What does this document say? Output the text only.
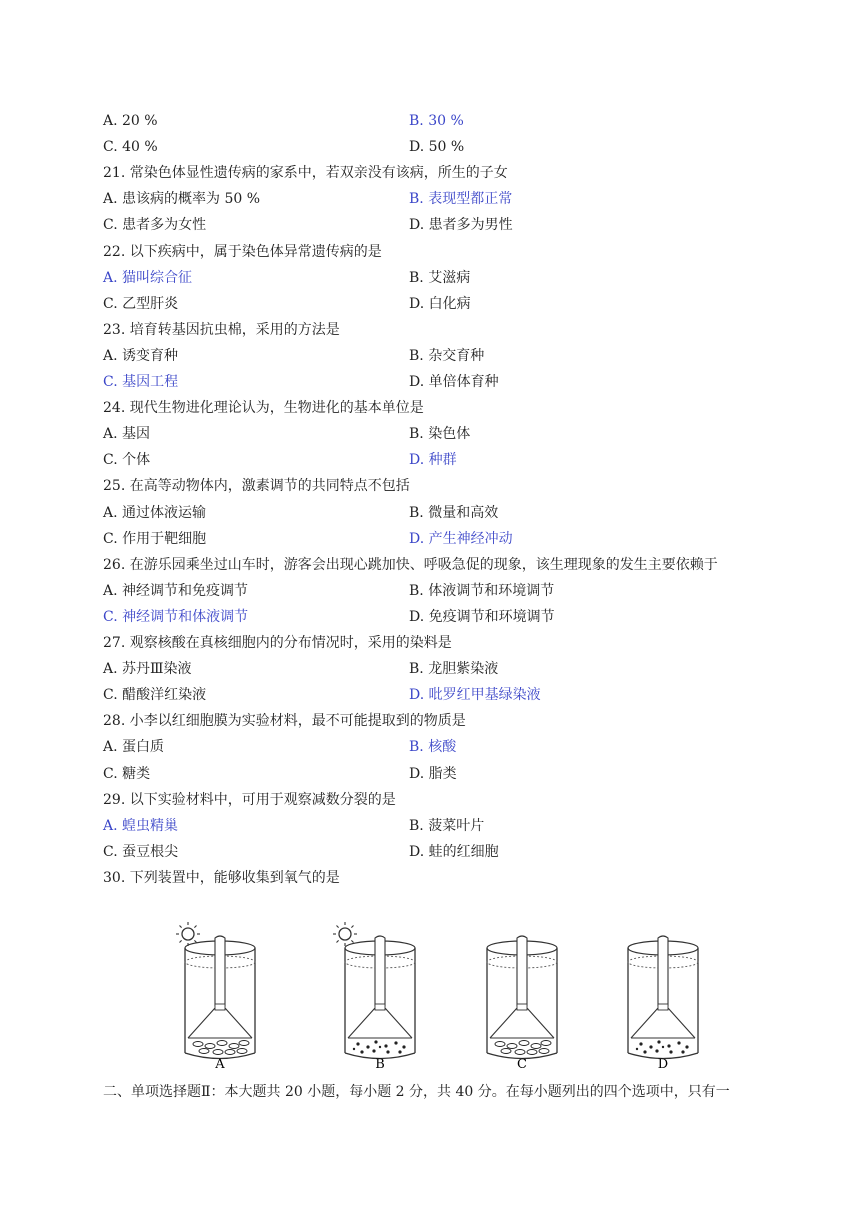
A. 20 %	B. 30 %
C. 40 %	D. 50 %
21. 常染色体显性遗传病的家系中，若双亲没有该病，所生的子女
A. 患该病的概率为 50 %	B. 表现型都正常
C. 患者多为女性	D. 患者多为男性
22. 以下疾病中，属于染色体异常遗传病的是
A. 猫叫综合征	B. 艾滋病
C. 乙型肝炎	D. 白化病
23. 培育转基因抗虫棉，采用的方法是
A. 诱变育种	B. 杂交育种
C. 基因工程	D. 单倍体育种
24. 现代生物进化理论认为，生物进化的基本单位是
A. 基因	B. 染色体
C. 个体	D. 种群
25. 在高等动物体内，激素调节的共同特点不包括
A. 通过体液运输	B. 微量和高效
C. 作用于靶细胞	D. 产生神经冲动
26. 在游乐园乘坐过山车时，游客会出现心跳加快、呼吸急促的现象，该生理现象的发生主要依赖于
A. 神经调节和免疫调节	B. 体液调节和环境调节
C. 神经调节和体液调节	D. 免疫调节和环境调节
27. 观察核酸在真核细胞内的分布情况时，采用的染料是
A. 苏丹Ⅲ染液	B. 龙胆紫染液
C. 醋酸洋红染液	D. 吡罗红甲基绿染液
28. 小李以红细胞膜为实验材料，最不可能提取到的物质是
A. 蛋白质	B. 核酸
C. 糖类	D. 脂类
29. 以下实验材料中，可用于观察减数分裂的是
A. 蝗虫精巢	B. 菠菜叶片
C. 蚕豆根尖	D. 蛙的红细胞
30. 下列装置中，能够收集到氧气的是
A	B	C	D
二、单项选择题Ⅱ：本大题共 20 小题，每小题 2 分，共 40 分。在每小题列出的四个选项中，只有一
